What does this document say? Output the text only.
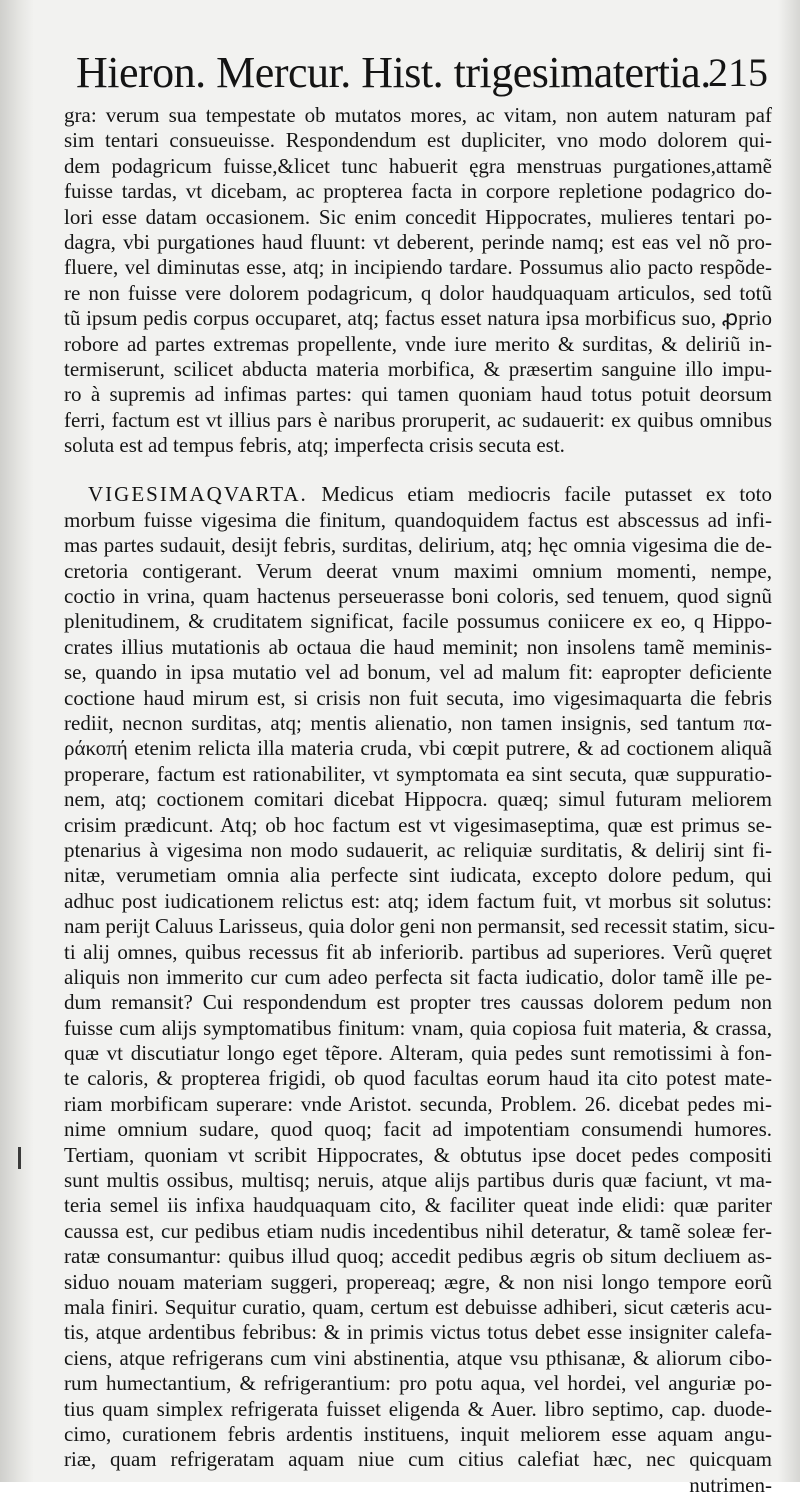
Hieron. Mercur. Hist. trigesimatertia.
215
gra: verum sua tempestate ob mutatos mores, ac vitam, non autem naturam paf
sim tentari consueuisse. Respondendum est dupliciter, vno modo dolorem qui-
dem podagricum fuisse,&licet tunc habuerit ęgra menstruas purgationes,attamẽ
fuisse tardas, vt dicebam, ac propterea facta in corpore repletione podagrico do-
lori esse datam occasionem. Sic enim concedit Hippocrates, mulieres tentari po-
dagra, vbi purgationes haud fluunt: vt deberent, perinde namq; est eas vel nõ pro-
fluere, vel diminutas esse, atq; in incipiendo tardare. Possumus alio pacto respõde-
re non fuisse vere dolorem podagricum, q dolor haudquaquam articulos, sed totũ
tũ ipsum pedis corpus occuparet, atq; factus esset natura ipsa morbificus suo, ꝓprio
robore ad partes extremas propellente, vnde iure merito & surditas, & deliriũ in-
termiserunt, scilicet abducta materia morbifica, & præsertim sanguine illo impu-
ro à supremis ad infimas partes: qui tamen quoniam haud totus potuit deorsum
ferri, factum est vt illius pars è naribus proruperit, ac sudauerit: ex quibus omnibus
soluta est ad tempus febris, atq; imperfecta crisis secuta est.
VIGESIMAQVARTA. Medicus etiam mediocris facile putasset ex toto
morbum fuisse vigesima die finitum, quandoquidem factus est abscessus ad infi-
mas partes sudauit, desijt febris, surditas, delirium, atq; hęc omnia vigesima die de-
cretoria contigerant. Verum deerat vnum maximi omnium momenti, nempe,
coctio in vrina, quam hactenus perseuerasse boni coloris, sed tenuem, quod signũ
plenitudinem, & cruditatem significat, facile possumus coniicere ex eo, q Hippo-
crates illius mutationis ab octaua die haud meminit; non insolens tamẽ meminis-
se, quando in ipsa mutatio vel ad bonum, vel ad malum fit: eapropter deficiente
coctione haud mirum est, si crisis non fuit secuta, imo vigesimaquarta die febris
rediit, necnon surditas, atq; mentis alienatio, non tamen insignis, sed tantum πα-
ράκοπή etenim relicta illa materia cruda, vbi cœpit putrere, & ad coctionem aliquã
properare, factum est rationabiliter, vt symptomata ea sint secuta, quæ suppuratio-
nem, atq; coctionem comitari dicebat Hippocra. quæq; simul futuram meliorem
crisim prædicunt. Atq; ob hoc factum est vt vigesimaseptima, quæ est primus se-
ptenarius à vigesima non modo sudauerit, ac reliquiæ surditatis, & delirij sint fi-
nitæ, verumetiam omnia alia perfecte sint iudicata, excepto dolore pedum, qui
adhuc post iudicationem relictus est: atq; idem factum fuit, vt morbus sit solutus:
nam perijt Caluus Larisseus, quia dolor geni non permansit, sed recessit statim, sicu-
ti alij omnes, quibus recessus fit ab inferiorib. partibus ad superiores. Verũ quęret
aliquis non immerito cur cum adeo perfecta sit facta iudicatio, dolor tamẽ ille pe-
dum remansit? Cui respondendum est propter tres caussas dolorem pedum non
fuisse cum alijs symptomatibus finitum: vnam, quia copiosa fuit materia, & crassa,
quæ vt discutiatur longo eget tẽpore. Alteram, quia pedes sunt remotissimi à fon-
te caloris, & propterea frigidi, ob quod facultas eorum haud ita cito potest mate-
riam morbificam superare: vnde Aristot. secunda, Problem. 26. dicebat pedes mi-
nime omnium sudare, quod quoq; facit ad impotentiam consumendi humores.
Tertiam, quoniam vt scribit Hippocrates, & obtutus ipse docet pedes compositi
sunt multis ossibus, multisq; neruis, atque alijs partibus duris quæ faciunt, vt ma-
teria semel iis infixa haudquaquam cito, & faciliter queat inde elidi: quæ pariter
caussa est, cur pedibus etiam nudis incedentibus nihil deteratur, & tamẽ soleæ fer-
ratæ consumantur: quibus illud quoq; accedit pedibus ægris ob situm decliuem as-
siduo nouam materiam suggeri, propereaq; ægre, & non nisi longo tempore eorũ
mala finiri. Sequitur curatio, quam, certum est debuisse adhiberi, sicut cæteris acu-
tis, atque ardentibus febribus: & in primis victus totus debet esse insigniter calefa-
ciens, atque refrigerans cum vini abstinentia, atque vsu pthisanæ, & aliorum cibo-
rum humectantium, & refrigerantium: pro potu aqua, vel hordei, vel anguriæ po-
tius quam simplex refrigerata fuisset eligenda & Auer. libro septimo, cap. duode-
cimo, curationem febris ardentis instituens, inquit meliorem esse aquam angu-
riæ, quam refrigeratam aquam niue cum citius calefiat hæc, nec quicquam
nutrimen-
